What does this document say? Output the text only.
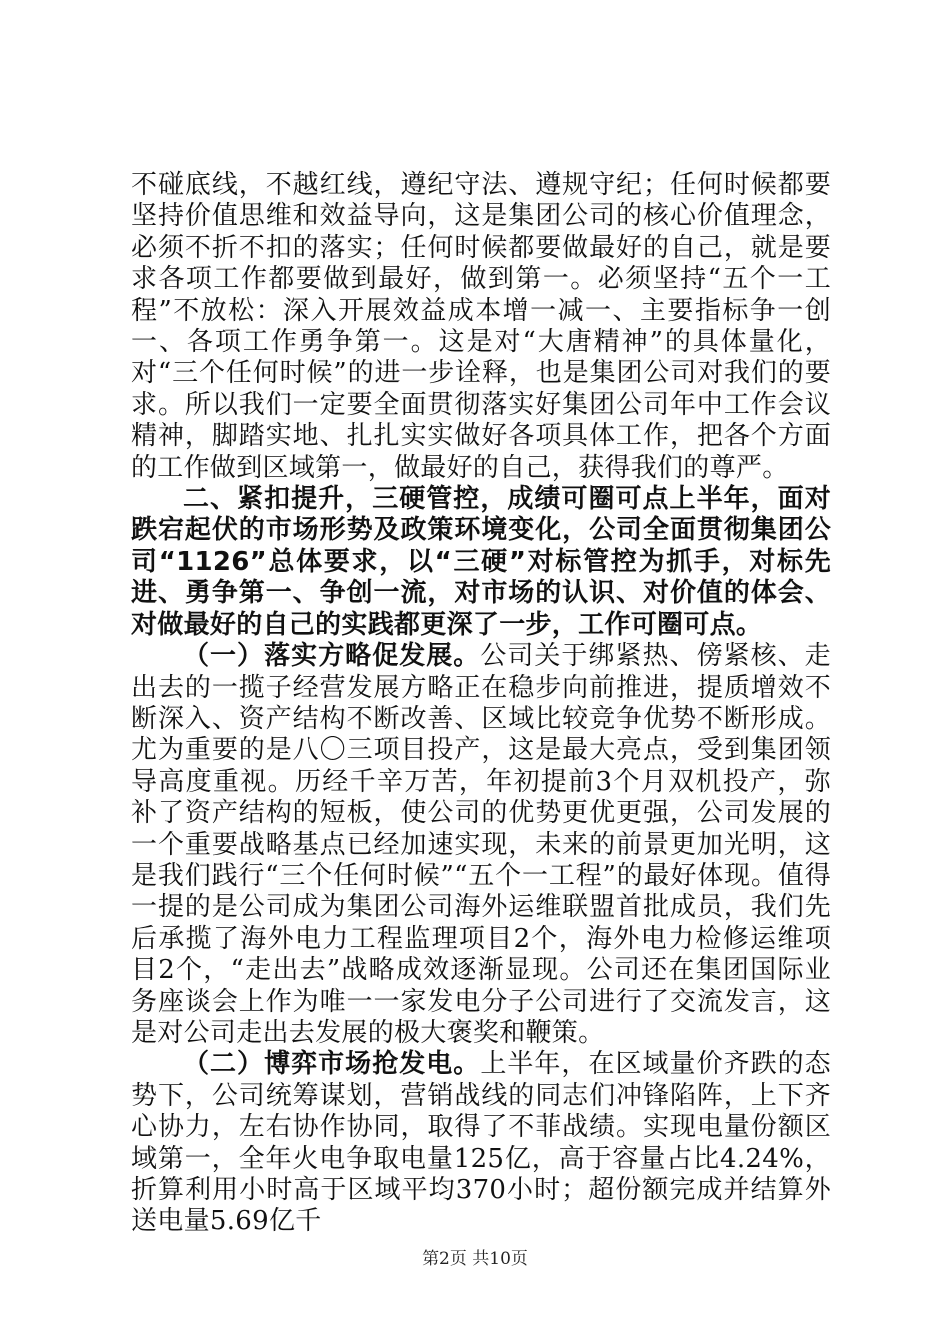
不碰底线，不越红线，遵纪守法、遵规守纪；任何时候都要坚持价值思维和效益导向，这是集团公司的核心价值理念，必须不折不扣的落实；任何时候都要做最好的自己，就是要求各项工作都要做到最好，做到第一。必须坚持“五个一工程”不放松：深入开展效益成本增一减一、主要指标争一创一、各项工作勇争第一。这是对“大唐精神”的具体量化，对“三个任何时候”的进一步诠释，也是集团公司对我们的要求。所以我们一定要全面贯彻落实好集团公司年中工作会议精神，脚踏实地、扎扎实实做好各项具体工作，把各个方面的工作做到区域第一，做最好的自己，获得我们的尊严。

二、紧扣提升，三硬管控，成绩可圈可点上半年，面对跌宕起伏的市场形势及政策环境变化，公司全面贯彻集团公司“1126”总体要求，以“三硬”对标管控为抓手，对标先进、勇争第一、争创一流，对市场的认识、对价值的体会、对做最好的自己的实践都更深了一步，工作可圈可点。

（一）落实方略促发展。公司关于绑紧热、傍紧核、走出去的一揽子经营发展方略正在稳步向前推进，提质增效不断深入、资产结构不断改善、区域比较竞争优势不断形成。尤为重要的是八〇三项目投产，这是最大亮点，受到集团领导高度重视。历经千辛万苦，年初提前3个月双机投产，弥补了资产结构的短板，使公司的优势更优更强，公司发展的一个重要战略基点已经加速实现，未来的前景更加光明，这是我们践行“三个任何时候”“五个一工程”的最好体现。值得一提的是公司成为集团公司海外运维联盟首批成员，我们先后承揽了海外电力工程监理项目2个，海外电力检修运维项目2个，“走出去”战略成效逐渐显现。公司还在集团国际业务座谈会上作为唯一一家发电分子公司进行了交流发言，这是对公司走出去发展的极大褒奖和鞭策。

（二）博弈市场抢发电。上半年，在区域量价齐跌的态势下，公司统筹谋划，营销战线的同志们冲锋陷阵，上下齐心协力，左右协作协同，取得了不菲战绩。实现电量份额区域第一，全年火电争取电量125亿，高于容量占比4.24%，折算利用小时高于区域平均370小时；超份额完成并结算外送电量5.69亿千

第2页 共10页
